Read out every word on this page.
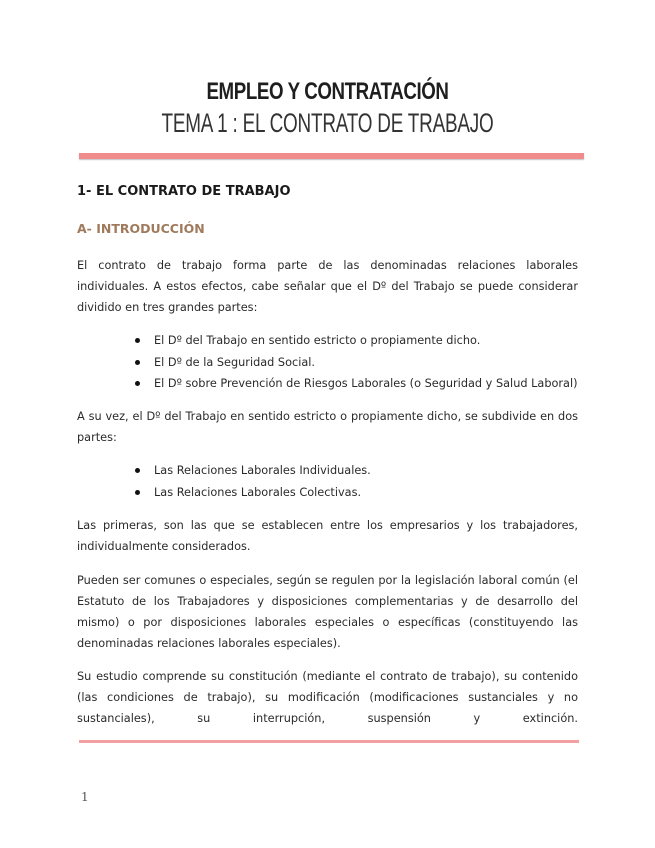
EMPLEO Y CONTRATACIÓN
TEMA 1 : EL CONTRATO DE TRABAJO
1- EL CONTRATO DE TRABAJO
A- INTRODUCCIÓN

El contrato de trabajo forma parte de las denominadas relaciones laborales individuales. A estos efectos, cabe señalar que el Dº del Trabajo se puede considerar dividido en tres grandes partes:

El Dº del Trabajo en sentido estricto o propiamente dicho.
El Dº de la Seguridad Social.
El Dº sobre Prevención de Riesgos Laborales (o Seguridad y Salud Laboral)

A su vez, el Dº del Trabajo en sentido estricto o propiamente dicho, se subdivide en dos partes:

Las Relaciones Laborales Individuales.
Las Relaciones Laborales Colectivas.

Las primeras, son las que se establecen entre los empresarios y los trabajadores, individualmente considerados.

Pueden ser comunes o especiales, según se regulen por la legislación laboral común (el Estatuto de los Trabajadores y disposiciones complementarias y de desarrollo del mismo) o por disposiciones laborales especiales o específicas (constituyendo las denominadas relaciones laborales especiales).

Su estudio comprende su constitución (mediante el contrato de trabajo), su contenido (las condiciones de trabajo), su modificación (modificaciones sustanciales y no sustanciales), su interrupción, suspensión y extinción.

1
